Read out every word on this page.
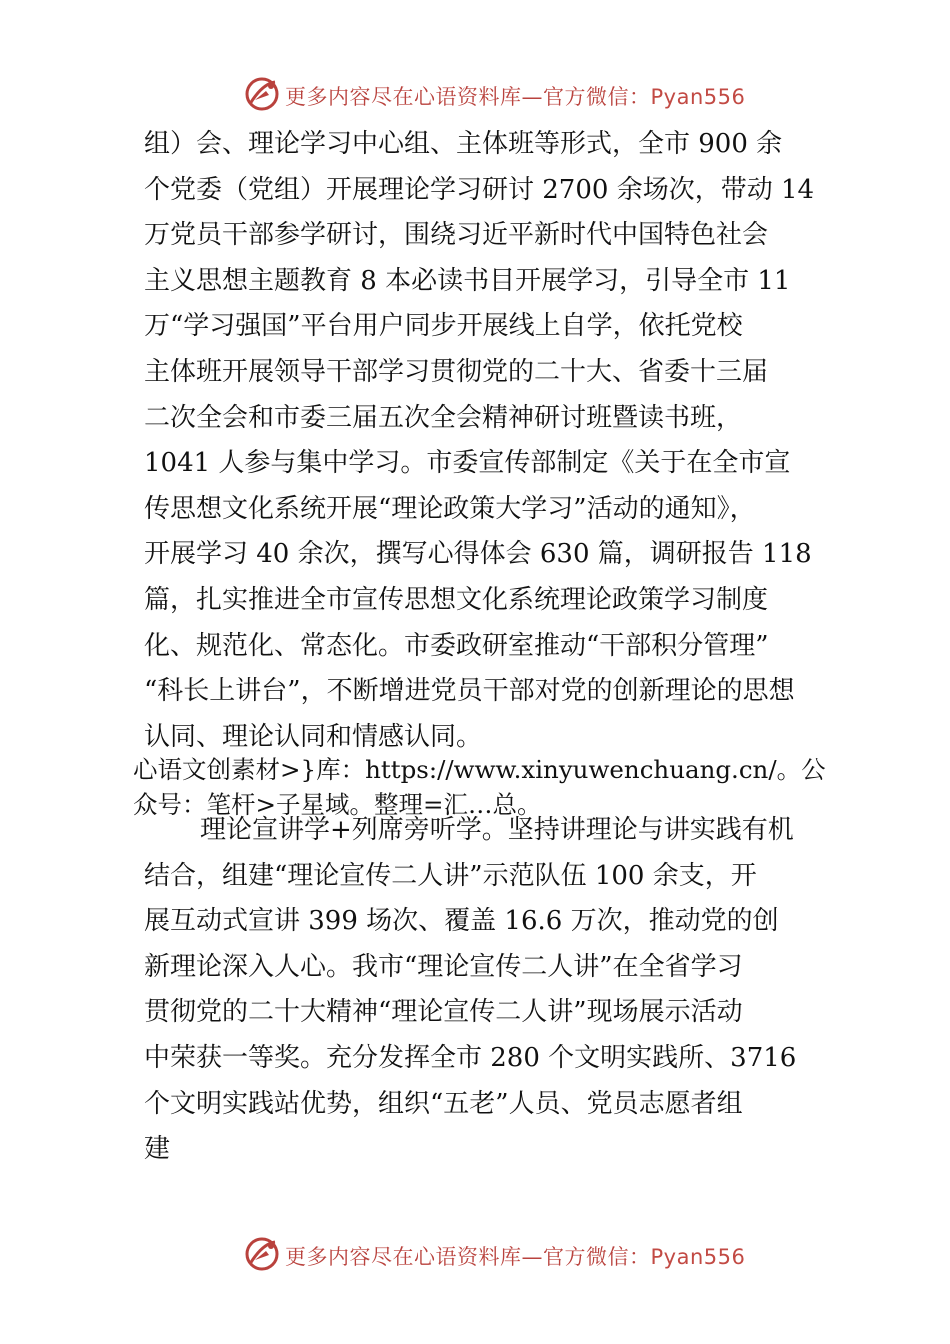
更多内容尽在心语资料库—官方微信：Pyan556
组）会、理论学习中心组、主体班等形式，全市 900 余
个党委（党组）开展理论学习研讨 2700 余场次，带动 14
万党员干部参学研讨，围绕习近平新时代中国特色社会
主义思想主题教育 8 本必读书目开展学习，引导全市 11
万“学习强国”平台用户同步开展线上自学，依托党校
主体班开展领导干部学习贯彻党的二十大、省委十三届
二次全会和市委三届五次全会精神研讨班暨读书班，
1041 人参与集中学习。市委宣传部制定《关于在全市宣
传思想文化系统开展“理论政策大学习”活动的通知》，
开展学习 40 余次，撰写心得体会 630 篇，调研报告 118
篇，扎实推进全市宣传思想文化系统理论政策学习制度
化、规范化、常态化。市委政研室推动“干部积分管理”
“科长上讲台”，不断增进党员干部对党的创新理论的思想
认同、理论认同和情感认同。
心语文创素材>}库：https://www.xinyuwenchuang.cn/。公
众号：笔杆>子星域。整理=汇…总。
理论宣讲学+列席旁听学。坚持讲理论与讲实践有机
结合，组建“理论宣传二人讲”示范队伍 100 余支，开
展互动式宣讲 399 场次、覆盖 16.6 万次，推动党的创
新理论深入人心。我市“理论宣传二人讲”在全省学习
贯彻党的二十大精神“理论宣传二人讲”现场展示活动
中荣获一等奖。充分发挥全市 280 个文明实践所、3716
个文明实践站优势，组织“五老”人员、党员志愿者组
建
更多内容尽在心语资料库—官方微信：Pyan556
